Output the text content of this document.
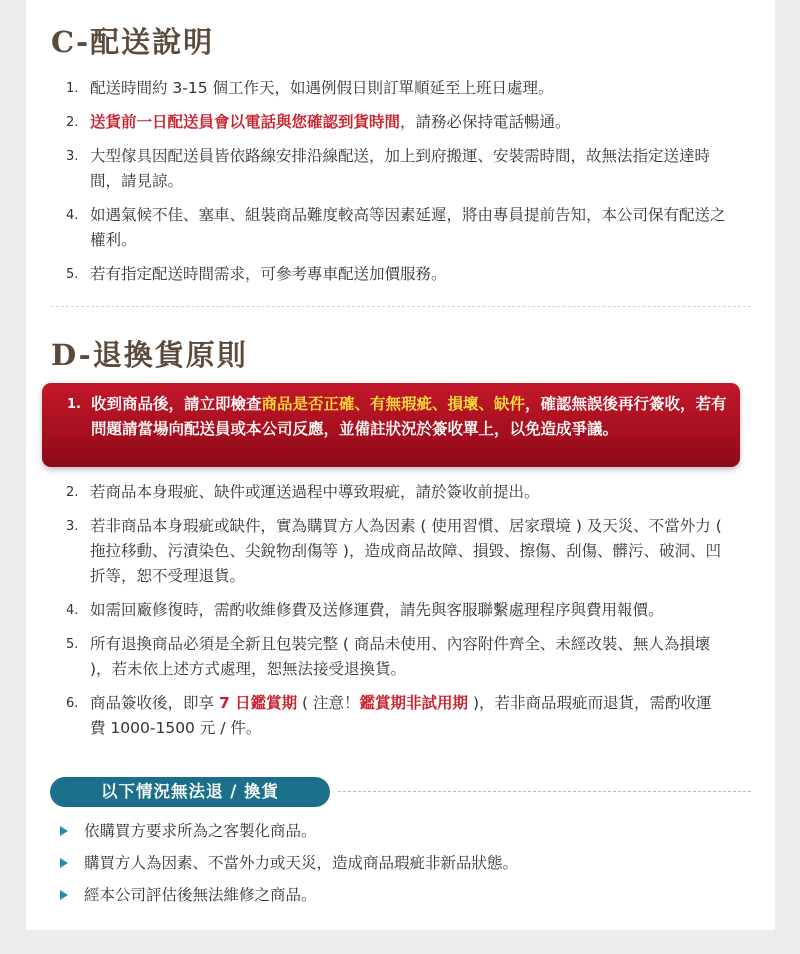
C-配送說明
1. 配送時間約 3-15 個工作天，如遇例假日則訂單順延至上班日處理。
2. 送貨前一日配送員會以電話與您確認到貨時間，請務必保持電話暢通。
3. 大型傢具因配送員皆依路線安排沿線配送，加上到府搬運、安裝需時間，故無法指定送達時間，請見諒。
4. 如遇氣候不佳、塞車、組裝商品難度較高等因素延遲，將由專員提前告知，本公司保有配送之權利。
5. 若有指定配送時間需求，可參考專車配送加價服務。
D-退換貨原則
1. 收到商品後，請立即檢查商品是否正確、有無瑕疵、損壞、缺件，確認無誤後再行簽收，若有問題請當場向配送員或本公司反應，並備註狀況於簽收單上，以免造成爭議。
2. 若商品本身瑕疵、缺件或運送過程中導致瑕疵，請於簽收前提出。
3. 若非商品本身瑕疵或缺件，實為購買方人為因素 ( 使用習慣、居家環境 ) 及天災、不當外力 ( 拖拉移動、污漬染色、尖銳物刮傷等 )，造成商品故障、損毀、擦傷、刮傷、髒污、破洞、凹折等，恕不受理退貨。
4. 如需回廠修復時，需酌收維修費及送修運費，請先與客服聯繫處理程序與費用報價。
5. 所有退換商品必須是全新且包裝完整 ( 商品未使用、內容附件齊全、未經改裝、無人為損壞 )，若未依上述方式處理，恕無法接受退換貨。
6. 商品簽收後，即享 7 日鑑賞期 ( 注意！鑑賞期非試用期 )，若非商品瑕疵而退貨，需酌收運費 1000-1500 元 / 件。
以下情況無法退 / 換貨
依購買方要求所為之客製化商品。
購買方人為因素、不當外力或天災，造成商品瑕疵非新品狀態。
經本公司評估後無法維修之商品。
